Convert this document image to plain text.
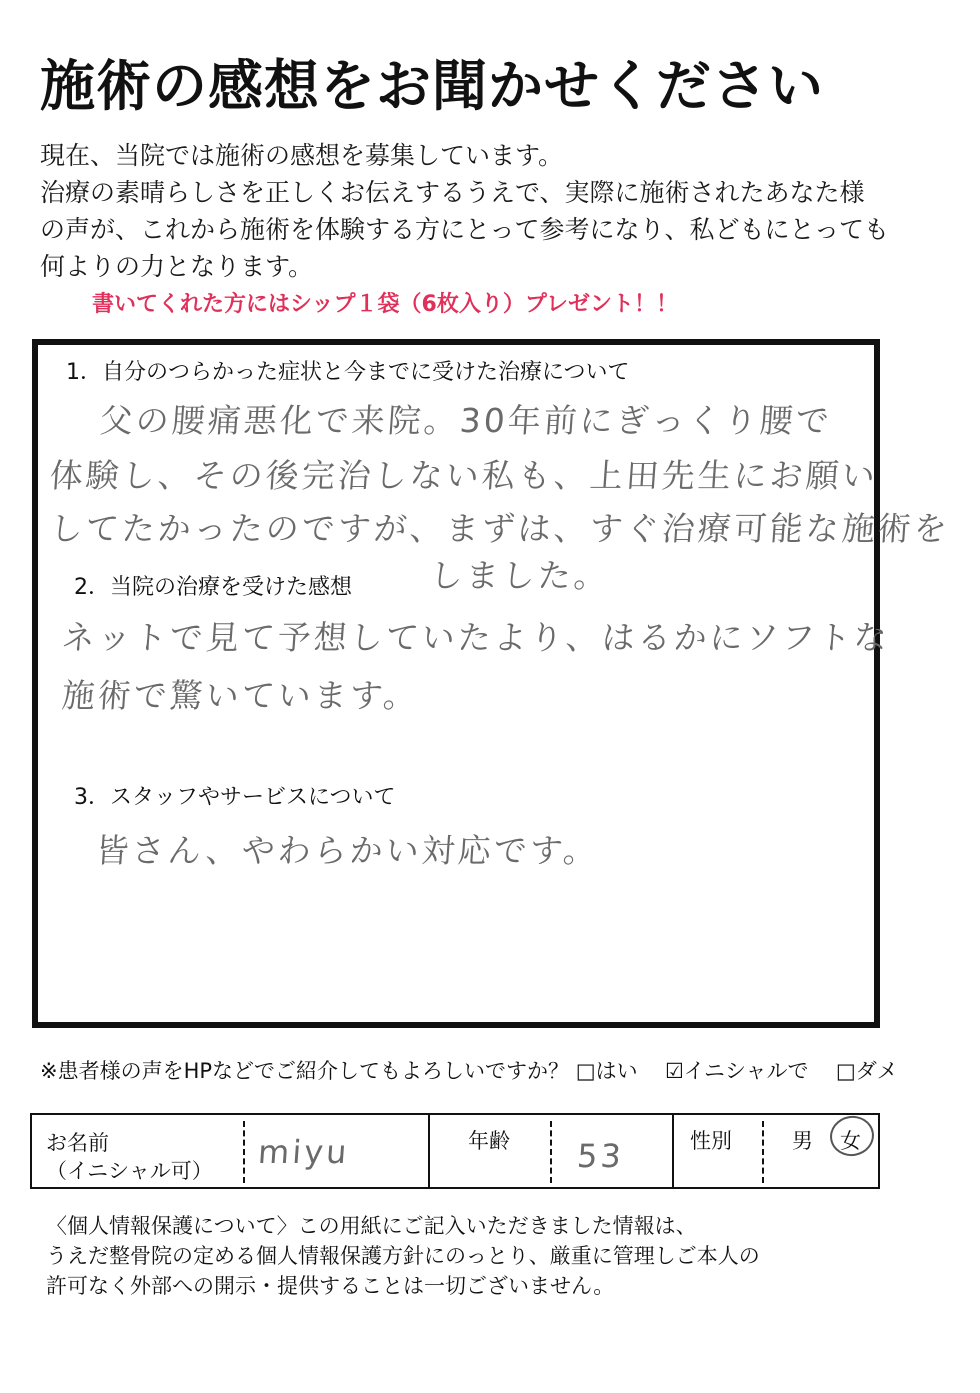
施術の感想をお聞かせください
現在、当院では施術の感想を募集しています。
治療の素晴らしさを正しくお伝えするうえで、実際に施術されたあなた様
の声が、これから施術を体験する方にとって参考になり、私どもにとっても
何よりの力となります。
書いてくれた方にはシップ１袋（6枚入り）プレゼント！！
1．自分のつらかった症状と今までに受けた治療について
父の腰痛悪化で来院。30年前にぎっくり腰で
体験し、その後完治しない私も、上田先生にお願い
してたかったのですが、まずは、すぐ治療可能な施術を
しました。
2．当院の治療を受けた感想
ネットで見て予想していたより、はるかにソフトな
施術で驚いています。
3．スタッフやサービスについて
皆さん、やわらかい対応です。
※患者様の声をHPなどでご紹介してもよろしいですか？ □はい ☑イニシャルで □ダメ
お名前
（イニシャル可） miyu	年齢 53	性別	男 女
〈個人情報保護について〉この用紙にご記入いただきました情報は、
うえだ整骨院の定める個人情報保護方針にのっとり、厳重に管理しご本人の
許可なく外部への開示・提供することは一切ございません。
